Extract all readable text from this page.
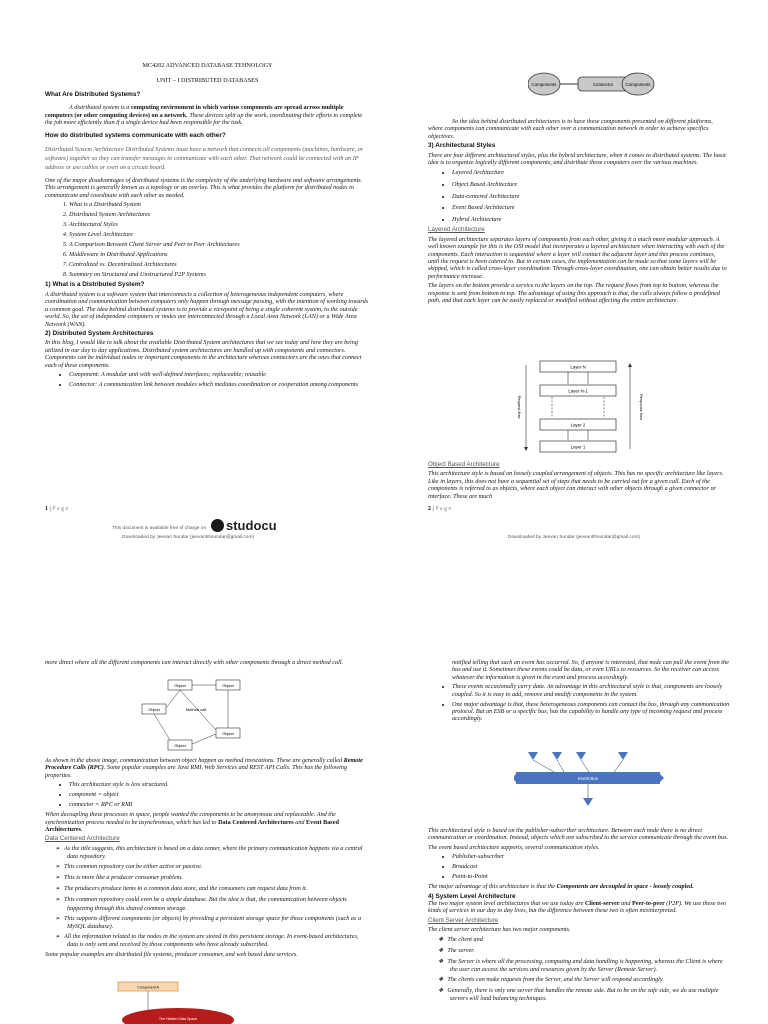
MC4202 ADVANCED DATABASE TEHNOLOGY

UNIT – I DISTRIBUTED DATABASES

What Are Distributed Systems?

A distributed system is a computing environment in which various components are spread across multiple computers (or other computing devices) on a network. These devices split up the work, coordinating their efforts to complete the job more efficiently than if a single device had been responsible for the task.

How do distributed systems communicate with each other?

Distributed System Architecture Distributed Systems must have a network that connects all components (machines, hardware, or software) together so they can transfer messages to communicate with each other. That network could be connected with an IP address or use cables or even on a circuit board.

One of the major disadvantages of distributed systems is the complexity of the underlying hardware and software arrangements. This arrangement is generally known as a topology or an overlay. This is what provides the platform for distributed nodes to communicate and coordinate with each other as needed.

1. What is a Distributed System
2. Distributed System Architectures
3. Architectural Styles
4. System Level Architecture
5. A Comparison Between Client Server and Peer to Peer Architectures
6. Middleware in Distributed Applications
7. Centralized vs. Decentralized Architectures
8. Summary on Structured and Unstructured P2P Systems

1) What is a Distributed System?

A distributed system is a software system that interconnects a collection of heterogeneous independent computers, where coordination and communication between computers only happen through message passing, with the intention of working towards a common goal. The idea behind distributed systems is to provide a viewpoint of being a single coherent system, to the outside world. So, the set of independent computers or nodes are interconnected through a Local Area Network (LAN) or a Wide Area Network (WAN).

2) Distributed System Architectures

In this blog, I would like to talk about the available Distributed System architectures that we see today and how they are being utilized in our day to day applications. Distributed system architectures are bundled up with components and connectors. Components can be individual nodes or important components in the architecture whereas connectors are the ones that connect each of these components.

• Component: A modular unit with well-defined interfaces; replaceable; reusable
• Connector: A communication link between modules which mediates coordination or cooperation among components
1 | P a g e
This document is available free of charge on studocu
Downloaded by Jeevan Sundar (jeevan5hsundar@gmail.com)
Components	Connector	Components

So the idea behind distributed architectures is to have these components presented on different platforms, where components can communicate with each other over a communication network in order to achieve specifics objectives.

3) Architectural Styles

There are four different architectural styles, plus the hybrid architecture, when it comes to distributed systems. The basic idea is to organize logically different components, and distribute those computers over the various machines.

• Layered Architecture
• Object Based Architecture
• Data-centered Architecture
• Event Based Architecture
• Hybrid Architecture

Layered Architecture

The layered architecture separates layers of components from each other, giving it a much more modular approach. A well known example for this is the OSI model that incorporates a layered architecture when interacting with each of the components. Each interaction is sequential where a layer will contact the adjacent layer and this process continues, until the request is been catered to. But in certain cases, the implementation can be made so that some layers will be skipped, which is called cross-layer coordination. Through cross-layer coordination, one can obtain better results due to performance increase.

The layers on the bottom provide a service to the layers on the top. The request flows from top to bottom, whereas the response is sent from bottom to top. The advantage of using this approach is that, the calls always follow a predefined path, and that each layer can be easily replaced or modified without affecting the entire architecture.

Layer N
Layer N-1
Layer 2
Layer 1
Request flow	Response flow

Object Based Architecture

This architecture style is based on loosely coupled arrangement of objects. This has no specific architecture like layers. Like in layers, this does not have a sequential set of steps that needs to be carried out for a given call. Each of the components is referred to as objects, where each object can interact with other objects through a given connector or interface. These are much

2 | P a g e
Downloaded by Jeevan Sundar (jeevan5hsundar@gmail.com)

more direct where all the different components can interact directly with other components through a direct method call.

Object	Object
Object
Object
Object
Method call

As shown in the above image, communication between object happen as method invocations. These are generally called Remote Procedure Calls (RPC). Some popular examples are Java RMI, Web Services and REST API Calls. This has the following properties.

• This architecture style is less structured.
• component = object
• connector = RPC or RMI

When decoupling these processes in space, people wanted the components to be anonymous and replaceable. And the synchronization process needed to be asynchronous, which has led to Data Centered Architectures and Event Based Architectures.

Data Centered Architecture

➢ As the title suggests, this architecture is based on a data center, where the primary communication happens via a central data repository.
➢ This common repository can be either active or passive.
➢ This is more like a producer consumer problem.
➢ The producers produce items to a common data store, and the consumers can request data from it.
➢ This common repository could even be a simple database. But the idea is that, the communication between objects happening through this shared common storage.
➢ This supports different components (or objects) by providing a persistent storage space for those components (such as a MySQL database).
➢ All the information related to the nodes in the system are stored in this persistent storage. In event-based architectures, data is only sent and received by those components who have already subscribed.

Some popular examples are distributed file systems, producer consumer, and web based data services.

Component A
The Hidden Data Space

notified telling that such an event has occurred. So, if anyone is interested, that node can pull the event from the bus and use it. Sometimes these events could be data, or even URLs to resources. So the receiver can access whatever the information is given in the event and process accordingly.

• These events occasionally carry data. An advantage in this architectural style is that, components are loosely coupled. So it is easy to add, remove and modify components in the system.
• One major advantage is that, these heterogeneous components can contact the bus, through any communication protocol. But an ESB or a specific bus, has the capability to handle any type of incoming request and process accordingly.
Event Bus

This architectural style is based on the publisher-subscriber architecture. Between each node there is no direct communication or coordination. Instead, objects which are subscribed to the service communicate through the event bus.

The event based architecture supports, several communication styles.

• Publisher-subscriber
• Broadcast
• Point-to-Point

The major advantage of this architecture is that the Components are decoupled in space - loosely coupled.

4) System Level Architecture

The two major system level architectures that we use today are Client-server and Peer-to-peer (P2P). We use these two kinds of services in our day to day lives, but the difference between these two is often misinterpreted.

Client Server Architecture

The client server architecture has two major components.

❖ The client and
❖ The server.
❖ The Server is where all the processing, computing and data handling is happening, whereas the Client is where the user can access the services and resources given by the Server (Remote Server).
❖ The clients can make requests from the Server, and the Server will respond accordingly.
❖ Generally, there is only one server that handles the remote side. But to be on the safe side, we do use multiple servers will load balancing techniques.
